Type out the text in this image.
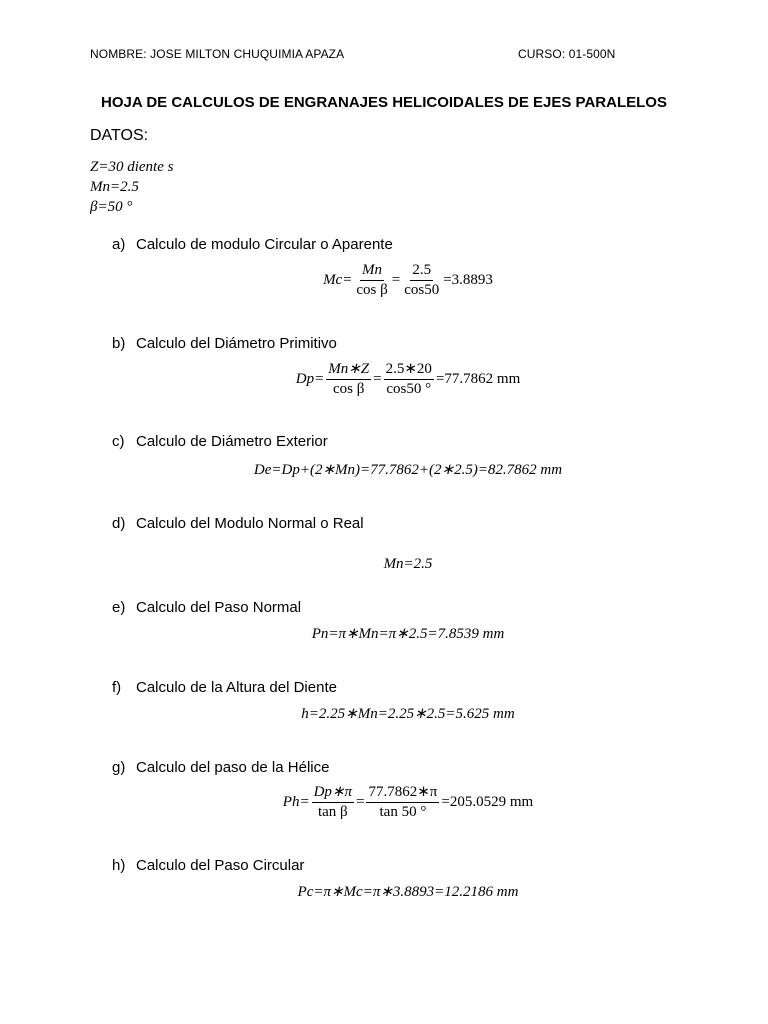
NOMBRE: JOSE MILTON CHUQUIMIA APAZA	CURSO: 01-500N
HOJA DE CALCULOS DE ENGRANAJES HELICOIDALES DE EJES PARALELOS
DATOS:
Z=30 diente s
Mn=2.5
β=50 °
a) Calculo de modulo Circular o Aparente
$Mc= \frac{Mn}{\text{cos β}} = \frac{2.5}{\cos 50} =3.8893$
b) Calculo del Diámetro Primitivo
$Dp= \frac{Mn∗Z}{\text{cos β}} = \frac{2.5∗20}{\cos 50 ^\circ} =77.7862$ mm
c) Calculo de Diámetro Exterior
De=Dp+(2∗Mn)=77.7862+(2∗2.5)=82.7862 mm
d) Calculo del Modulo Normal o Real
Mn=2.5
e) Calculo del Paso Normal
Pn=π∗Mn=π∗2.5=7.8539 mm
f) Calculo de la Altura del Diente
h=2.25∗Mn=2.25∗2.5=5.625 mm
g) Calculo del paso de la Hélice
$Ph= \frac{Dp∗\pi}{\text{tan β}} = \frac{77.7862∗\pi}{\tan 50 ^\circ} =205.0529$ mm
h) Calculo del Paso Circular
Pc=π∗Mc=π∗3.8893=12.2186 mm
